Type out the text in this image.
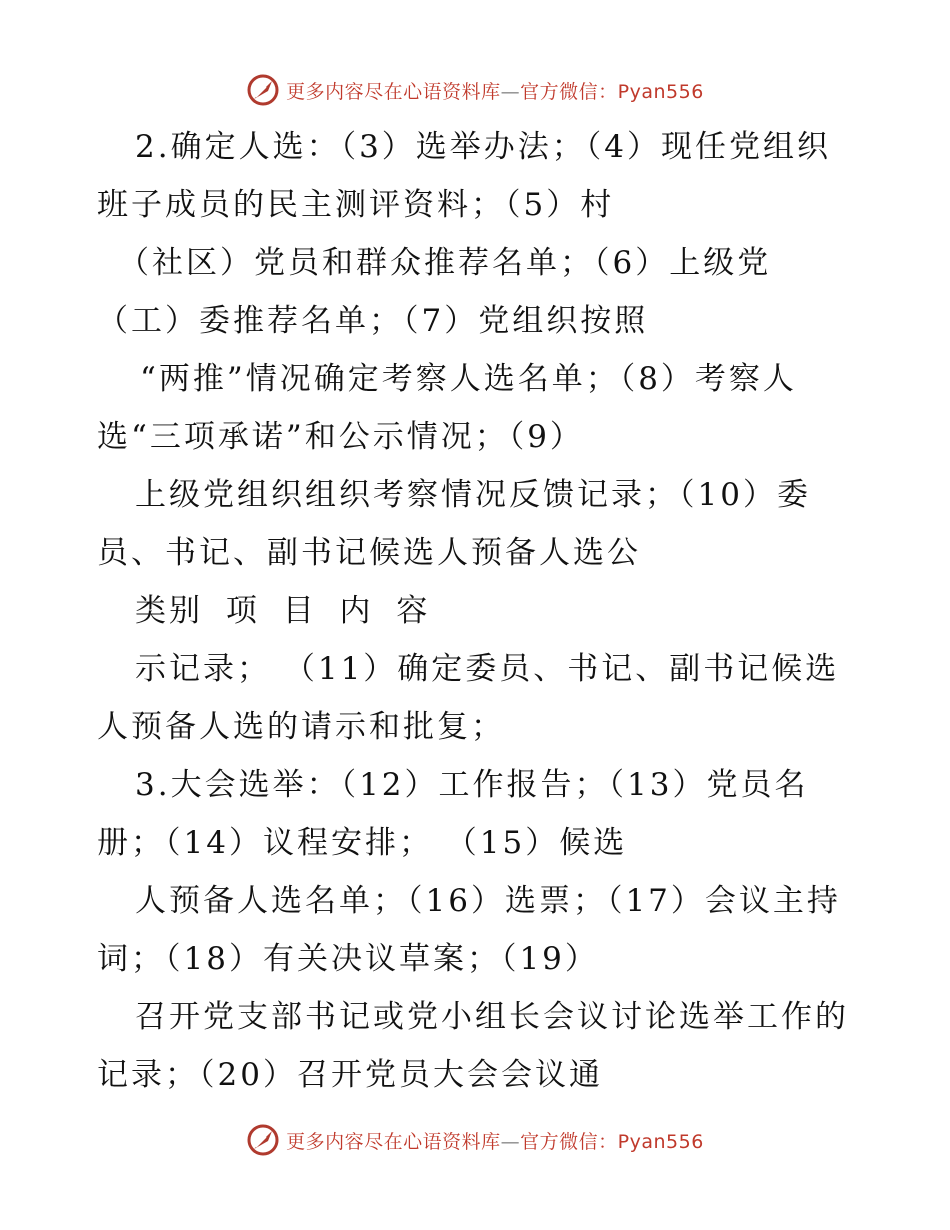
更多内容尽在心语资料库—官方微信：Pyan556
2.确定人选：（3）选举办法；（4）现任党组织
班子成员的民主测评资料；（5）村
（社区）党员和群众推荐名单；（6）上级党
（工）委推荐名单；（7）党组织按照
“两推”情况确定考察人选名单；（8）考察人
选“三项承诺”和公示情况；（9）
上级党组织组织考察情况反馈记录；（10）委
员、书记、副书记候选人预备人选公
类别 项 目 内 容
示记录； （11）确定委员、书记、副书记候选
人预备人选的请示和批复；
3.大会选举：（12）工作报告；（13）党员名
册；（14）议程安排； （15）候选
人预备人选名单；（16）选票；（17）会议主持
词；（18）有关决议草案；（19）
召开党支部书记或党小组长会议讨论选举工作的
记录；（20）召开党员大会会议通
更多内容尽在心语资料库—官方微信：Pyan556
